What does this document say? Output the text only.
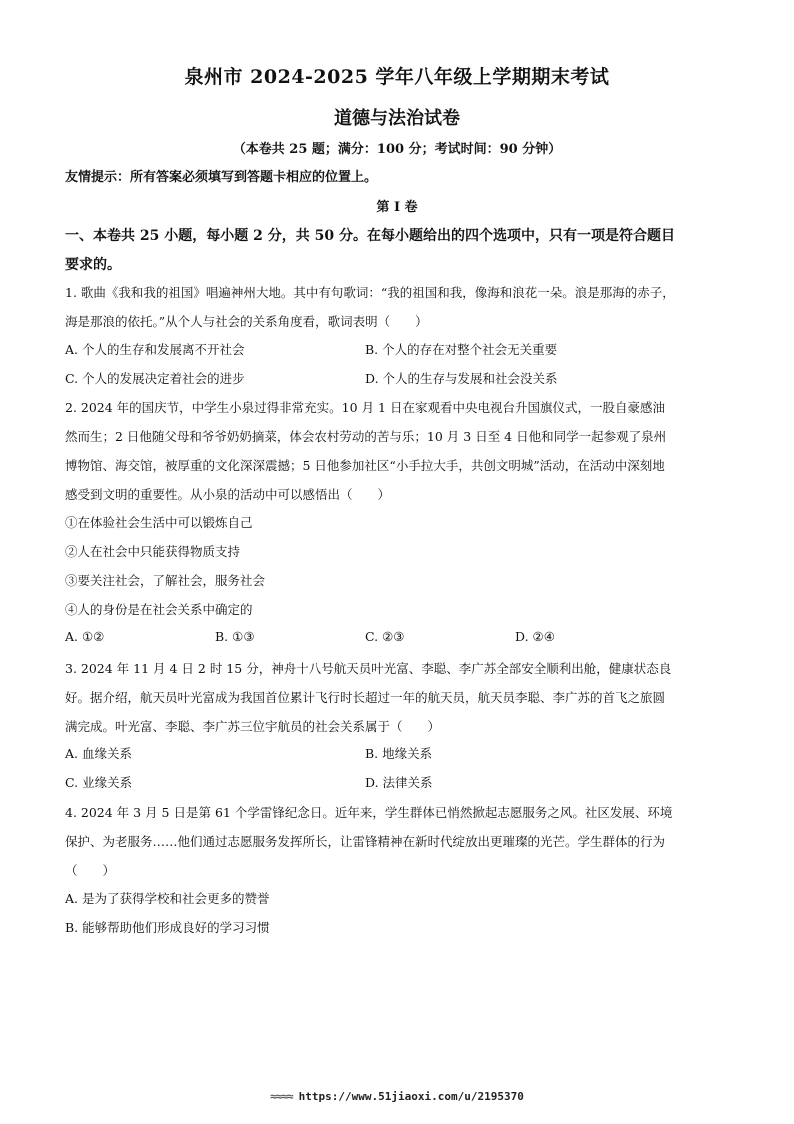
泉州市 2024-2025 学年八年级上学期期末考试
道德与法治试卷
（本卷共 25 题；满分：100 分；考试时间：90 分钟）
友情提示：所有答案必须填写到答题卡相应的位置上。
第 I 卷
一、本卷共 25 小题，每小题 2 分，共 50 分。在每小题给出的四个选项中，只有一项是符合题目要求的。
1. 歌曲《我和我的祖国》唱遍神州大地。其中有句歌词：“我的祖国和我，像海和浪花一朵。浪是那海的赤子，海是那浪的依托。”从个人与社会的关系角度看，歌词表明（　　）
A. 个人的生存和发展离不开社会	B. 个人的存在对整个社会无关重要
C. 个人的发展决定着社会的进步	D. 个人的生存与发展和社会没关系
2. 2024 年的国庆节，中学生小泉过得非常充实。10 月 1 日在家观看中央电视台升国旗仪式，一股自豪感油然而生；2 日他随父母和爷爷奶奶摘菜，体会农村劳动的苦与乐；10 月 3 日至 4 日他和同学一起参观了泉州博物馆、海交馆，被厚重的文化深深震撼；5 日他参加社区“小手拉大手，共创文明城”活动，在活动中深刻地感受到文明的重要性。从小泉的活动中可以感悟出（　　）
①在体验社会生活中可以锻炼自己
②人在社会中只能获得物质支持
③要关注社会，了解社会，服务社会
④人的身份是在社会关系中确定的
A. ①②	B. ①③	C. ②③	D. ②④
3. 2024 年 11 月 4 日 2 时 15 分，神舟十八号航天员叶光富、李聪、李广苏全部安全顺利出舱，健康状态良好。据介绍，航天员叶光富成为我国首位累计飞行时长超过一年的航天员，航天员李聪、李广苏的首飞之旅圆满完成。叶光富、李聪、李广苏三位宇航员的社会关系属于（　　）
A. 血缘关系	B. 地缘关系
C. 业缘关系	D. 法律关系
4. 2024 年 3 月 5 日是第 61 个学雷锋纪念日。近年来，学生群体已悄然掀起志愿服务之风。社区发展、环境保护、为老服务……他们通过志愿服务发挥所长，让雷锋精神在新时代绽放出更璀璨的光芒。学生群体的行为（　　）
A. 是为了获得学校和社会更多的赞誉
B. 能够帮助他们形成良好的学习习惯
≈≈≈≈ https://www.51jiaoxi.com/u/2195370
